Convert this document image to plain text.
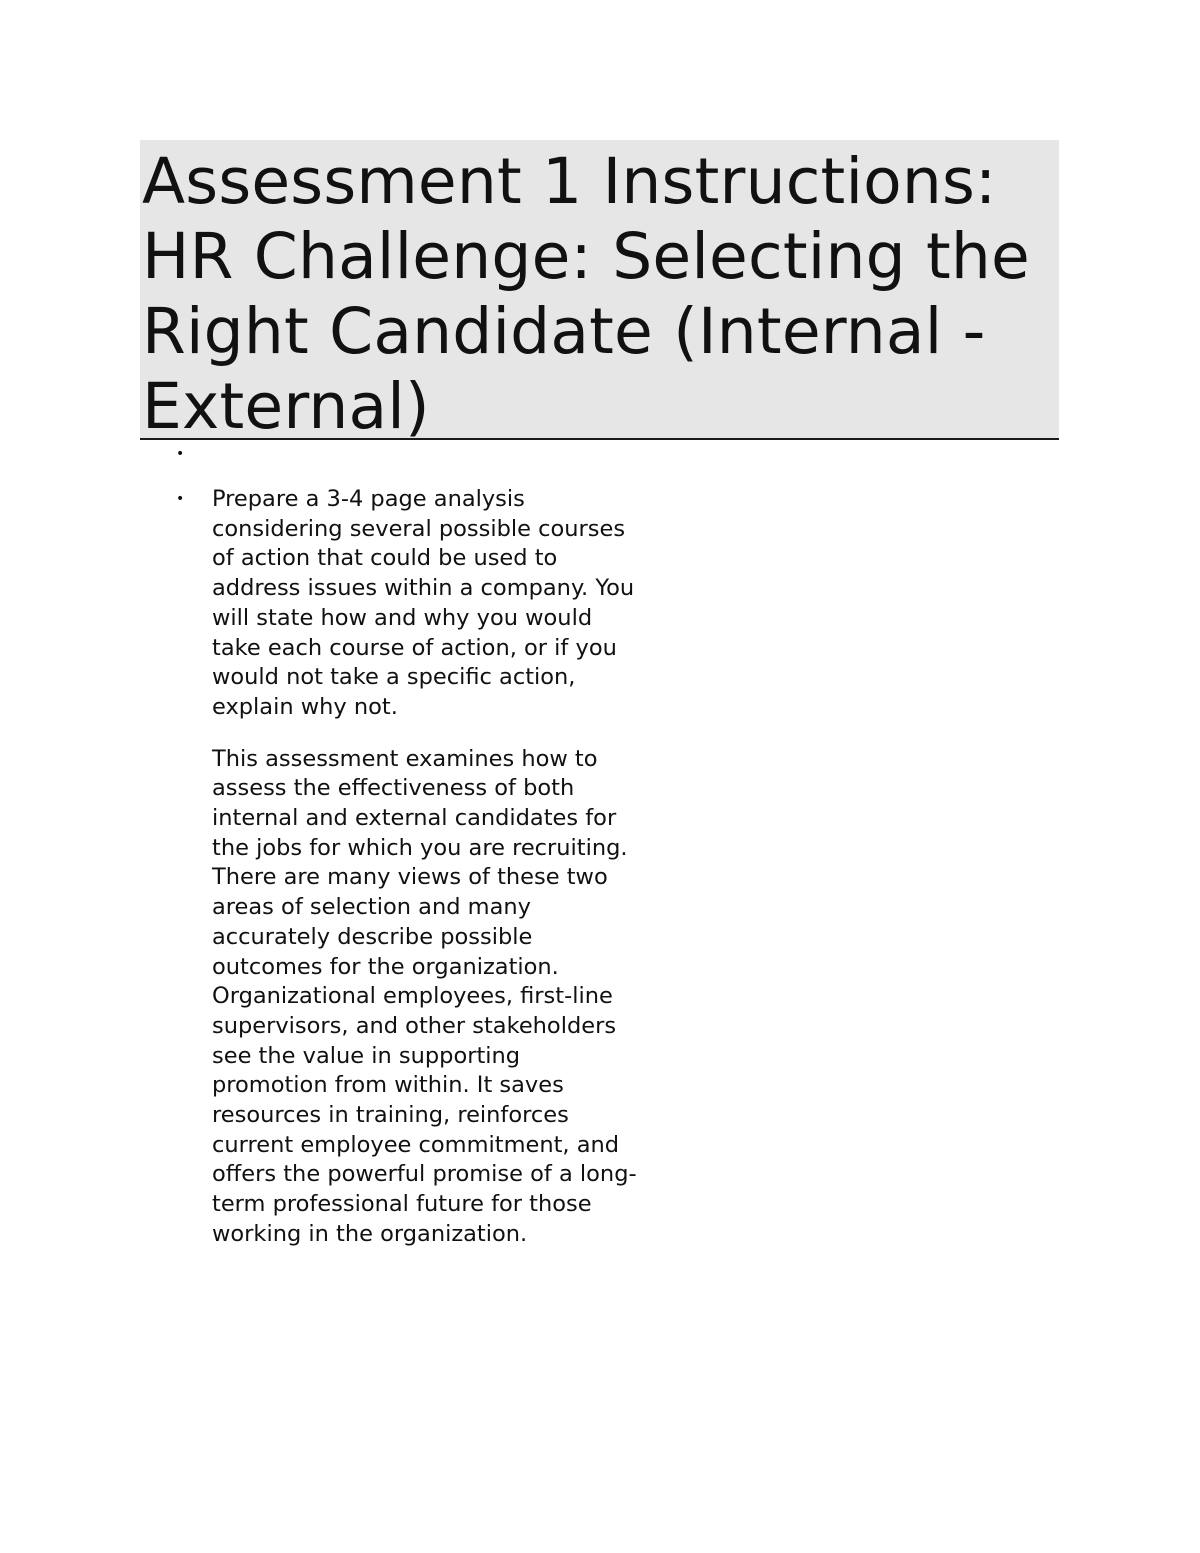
Assessment 1 Instructions: HR Challenge: Selecting the Right Candidate (Internal - External)
•
• Prepare a 3-4 page analysis considering several possible courses of action that could be used to address issues within a company. You will state how and why you would take each course of action, or if you would not take a specific action, explain why not.

This assessment examines how to assess the effectiveness of both internal and external candidates for the jobs for which you are recruiting. There are many views of these two areas of selection and many accurately describe possible outcomes for the organization. Organizational employees, first-line supervisors, and other stakeholders see the value in supporting promotion from within. It saves resources in training, reinforces current employee commitment, and offers the powerful promise of a long-term professional future for those working in the organization.
